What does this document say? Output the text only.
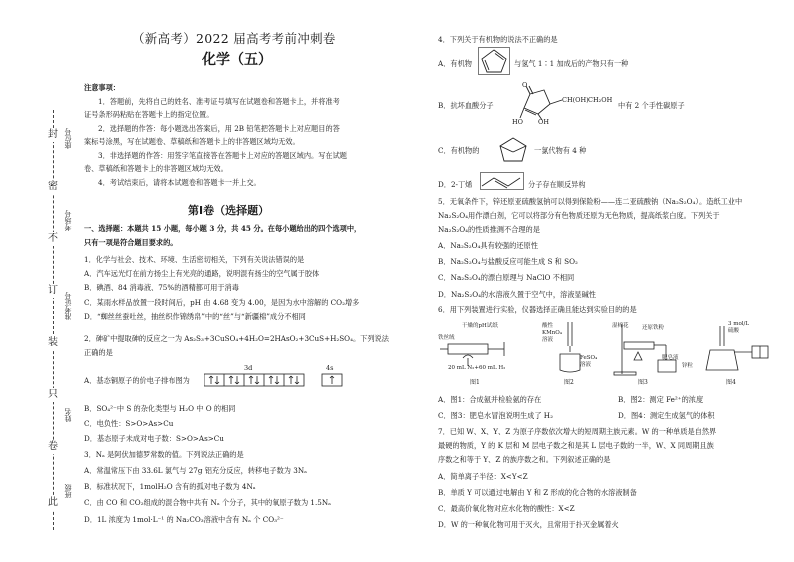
封
密
不
订
装
只
卷
此
座位号
考场号
准考证号
姓名
班级
（新高考）2022 届高考考前冲刺卷
化学（五）
注意事项：
1．答题前，先将自己的姓名、准考证号填写在试题卷和答题卡上，并将准考
证号条形码粘贴在答题卡上的指定位置。
2．选择题的作答：每小题选出答案后，用 2B 铅笔把答题卡上对应题目的答
案标号涂黑，写在试题卷、草稿纸和答题卡上的非答题区域均无效。
3．非选择题的作答：用签字笔直接答在答题卡上对应的答题区域内。写在试题
卷、草稿纸和答题卡上的非答题区域均无效。
4．考试结束后，请将本试题卷和答题卡一并上交。
第Ⅰ卷（选择题）
一、选择题：本题共 15 小题，每小题 3 分，共 45 分。在每小题给出的四个选项中，
只有一项是符合题目要求的。
1．化学与社会、技术、环境、生活密切相关，下列有关说法错误的是
A．汽车远光灯在前方扬尘上有光亮的通路，说明混有扬尘的空气属于胶体
B．碘酒、84 消毒液、75%的酒精都可用于消毒
C．某雨水样品放置一段时间后，pH 由 4.68 变为 4.00，是因为水中溶解的 CO₂增多
D．“蜘丝丝蚕吐丝，抽丝织作锦绣帛”中的“丝”与“新疆棉”成分不相同
2．砷矿中提取砷的反应之一为 As₂S₃+3CuSO₄+4H₂O=2HAsO₂+3CuS+H₂SO₄。下列说法
正确的是
A．基态铜原子的价电子排布图为
3d	4s
B．SO₄²⁻中 S 的杂化类型与 H₂O 中 O 的相同
C．电负性：S>O>As>Cu
D．基态原子未成对电子数：S>O>As>Cu
3．Nₐ 是阿伏加德罗常数的值。下列说法正确的是
A．常温常压下由 33.6L 氯气与 27g 铝充分反应，转移电子数为 3Nₐ
B．标准状况下，1molH₂O 含有的孤对电子数为 4Nₐ
C．由 CO 和 CO₂组成的混合物中共有 Nₐ 个分子，其中的氧原子数为 1.5Nₐ
D．1L 浓度为 1mol·L⁻¹ 的 Na₂CO₃溶液中含有 Nₐ 个 CO₃²⁻
4．下列关于有机物的说法不正确的是
A．有机物	与氢气 1∶1 加成后的产物只有一种
B．抗坏血酸分子
O
CH(OH) CH₂OH
HO OH
中有 2 个手性碳原子
C．有机物的	一氯代物有 4 种
D．2-丁烯	分子存在顺反异构
5．无氧条件下，锌还原亚硫酸氢钠可以得到保险粉——连二亚硫酸钠（Na₂S₂O₄）。造纸工业中
Na₂S₂O₄用作漂白剂，它可以将部分有色物质还原为无色物质，提高纸浆白度。下列关于
Na₂S₂O₄的性质推测不合理的是
A．Na₂S₂O₄具有较强的还原性
B．Na₂S₂O₄与盐酸反应可能生成 S 和 SO₂
C．Na₂S₂O₄的漂白原理与 NaClO 不相同
D．Na₂S₂O₄的水溶液久置于空气中，溶液显碱性
6．用下列装置进行实验，仪器选择正确且能达到实验目的的是
干燥的pH试纸
铁丝绒
20 mL N₂+60 mL H₂
图1
酸性
KMnO₄
溶液
FeSO₄
溶液
图2
湿棉花 还原铁粉
肥皂液
图3
3 mol/L
硫酸
锌粒
图4
A．图1：合成氨并检验氨的存在	B．图2：测定 Fe²⁺的浓度
C．图3：肥皂水冒泡说明生成了 H₂	D．图4：测定生成氢气的体积
7．已知 W、X、Y、Z 为原子序数依次增大的短周期主族元素。W 的一种单质是自然界
最硬的物质，Y 的 K 层和 M 层电子数之和是其 L 层电子数的一半，W、X 同周期且族
序数之和等于 Y、Z 的族序数之和。下列叙述正确的是
A．简单离子半径：X<Y<Z
B．单质 Y 可以通过电解由 Y 和 Z 形成的化合物的水溶液制备
C．最高价氧化物对应水化物的酸性：X<Z
D．W 的一种氧化物可用于灭火，且常用于扑灭金属着火
